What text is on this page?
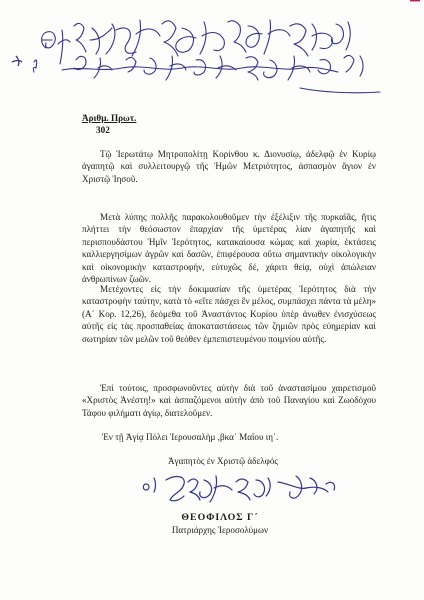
Ἀριθμ. Πρωτ.
302

Τῷ Ἱερωτάτῳ Μητροπολίτῃ Κορίνθου κ. Διονυσίῳ, ἀδελφῷ ἐν Κυρίῳ ἀγαπητῷ καὶ συλλειτουργῷ τῆς Ἡμῶν Μετριότητος, ἀσπασμὸν ἅγιον ἐν Χριστῷ Ἰησοῦ.

Μετὰ λύπης πολλῆς παρακολουθοῦμεν τὴν ἐξέλιξιν τῆς πυρκαϊᾶς, ἥτις πλήττει τὴν θεόσωστον ἐπαρχίαν τῆς ὑμετέρας λίαν ἀγαπητῆς καὶ περισπουδάστου Ἡμῖν Ἱερότητος, κατακαίουσα κώμας καὶ χωρία, ἐκτάσεις καλλιεργησίμων ἀγρῶν καὶ δασῶν, ἐπιφέρουσα οὕτω σημαντικὴν οἰκολογικὴν καὶ οἰκονομικὴν καταστροφήν, εὐτυχῶς δέ, χάριτι θείᾳ, οὐχὶ ἀπώλειαν ἀνθρωπίνων ζωῶν.

Μετέχοντες εἰς τὴν δοκιμασίαν τῆς ὑμετέρας Ἱερότητος διὰ τὴν καταστροφὴν ταύτην, κατὰ τὸ «εἴτε πάσχει ἓν μέλος, συμπάσχει πάντα τὰ μέλη» (Α΄ Κορ. 12,26), δεόμεθα τοῦ Ἀναστάντος Κυρίου ὑπὲρ ἀνωθεν ἐνισχύσεως αὐτῆς εἰς τὰς προσπαθείας ἀποκαταστάσεως τῶν ζημιῶν πρὸς εὐημερίαν καὶ σωτηρίαν τῶν μελῶν τοῦ θεόθεν ἐμπεπιστευμένου ποιμνίου αὐτῆς.

Ἐπὶ τούτοις, προσφωνοῦντες αὐτὴν διὰ τοῦ ἀναστασίμου χαιρετισμοῦ «Χριστὸς Ἀνέστη!» καὶ ἀσπαζόμενοι αὐτὴν ἀπὸ τοῦ Παναγίου καὶ Ζωοδόχου Τάφου φιλήματι ἁγίῳ, διατελοῦμεν.

Ἐν τῇ Ἁγίᾳ Πόλει Ἱερουσαλὴμ ,βκα΄ Μαΐου ιη΄.
Ἀγαπητὸς ἐν Χριστῷ ἀδελφός
ΘΕΟΦΙΛΟΣ Γ΄
Πατριάρχης Ἱεροσολύμων
